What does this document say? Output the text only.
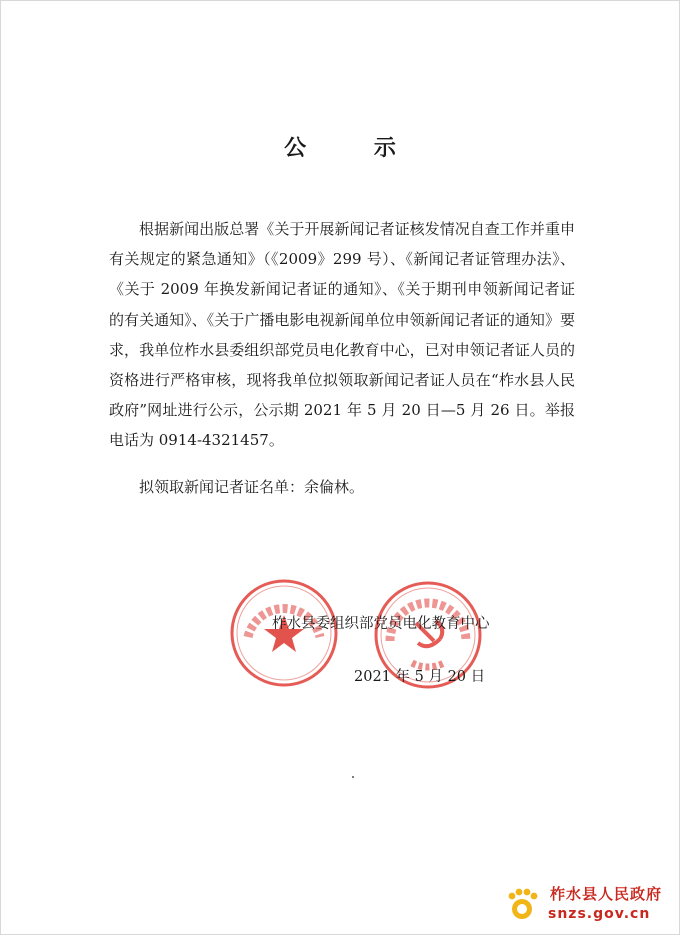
公 示

根据新闻出版总署《关于开展新闻记者证核发情况自查工作并重申有关规定的紧急通知》（《2009》299 号）、《新闻记者证管理办法》、《关于 2009 年换发新闻记者证的通知》、《关于期刊申领新闻记者证的有关通知》、《关于广播电影电视新闻单位申领新闻记者证的通知》要求，我单位柞水县委组织部党员电化教育中心，已对申领记者证人员的资格进行严格审核，现将我单位拟领取新闻记者证人员在“柞水县人民政府”网址进行公示，公示期 2021 年 5 月 20 日—5 月 26 日。举报电话为 0914-4321457。

拟领取新闻记者证名单：余倫林。

柞水县委组织部党员电化教育中心
2021 年 5 月 20 日
柞水县人民政府
snzs.gov.cn
